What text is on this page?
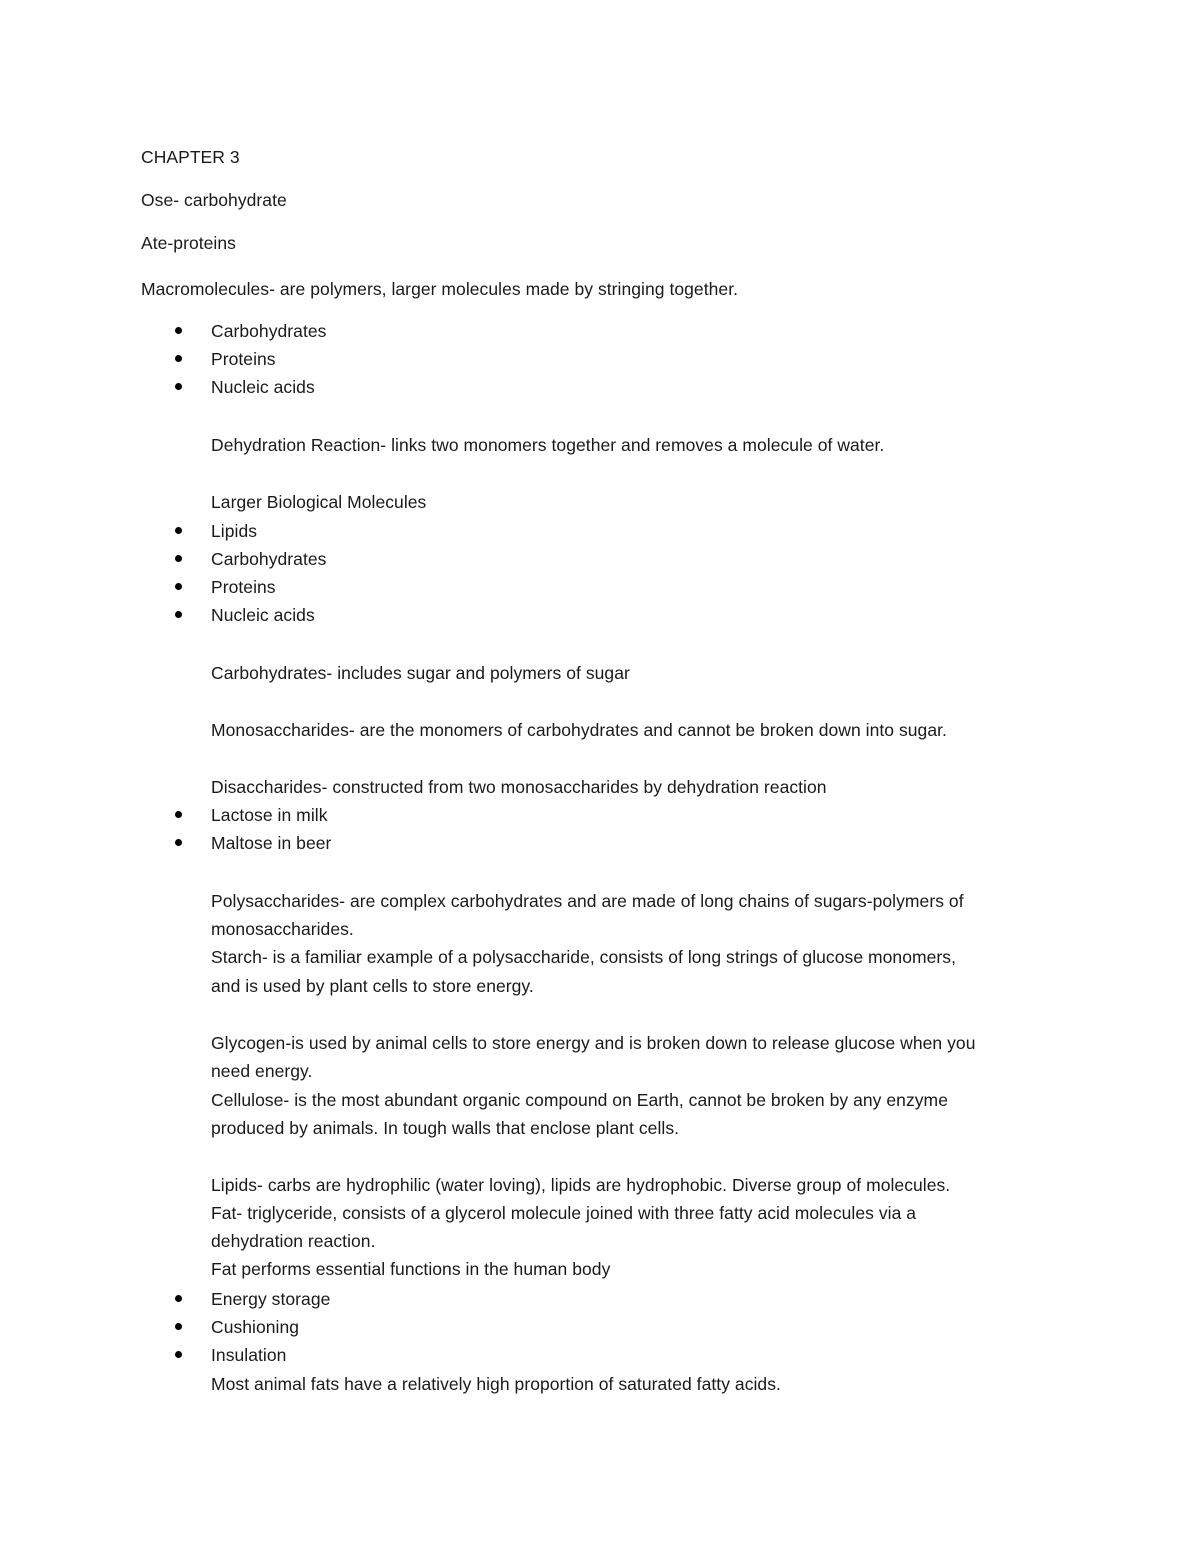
CHAPTER 3
Ose- carbohydrate
Ate-proteins
Macromolecules- are polymers, larger molecules made by stringing together.
Carbohydrates
Proteins
Nucleic acids
Dehydration Reaction- links two monomers together and removes a molecule of water.
Larger Biological Molecules
Lipids
Carbohydrates
Proteins
Nucleic acids
Carbohydrates- includes sugar and polymers of sugar
Monosaccharides- are the monomers of carbohydrates and cannot be broken down into sugar.
Disaccharides- constructed from two monosaccharides by dehydration reaction
Lactose in milk
Maltose in beer
Polysaccharides- are complex carbohydrates and are made of long chains of sugars-polymers of
monosaccharides.
Starch- is a familiar example of a polysaccharide, consists of long strings of glucose monomers,
and is used by plant cells to store energy.
Glycogen-is used by animal cells to store energy and is broken down to release glucose when you
need energy.
Cellulose- is the most abundant organic compound on Earth, cannot be broken by any enzyme
produced by animals. In tough walls that enclose plant cells.
Lipids- carbs are hydrophilic (water loving), lipids are hydrophobic. Diverse group of molecules.
Fat- triglyceride, consists of a glycerol molecule joined with three fatty acid molecules via a
dehydration reaction.
Fat performs essential functions in the human body
Energy storage
Cushioning
Insulation
Most animal fats have a relatively high proportion of saturated fatty acids.
